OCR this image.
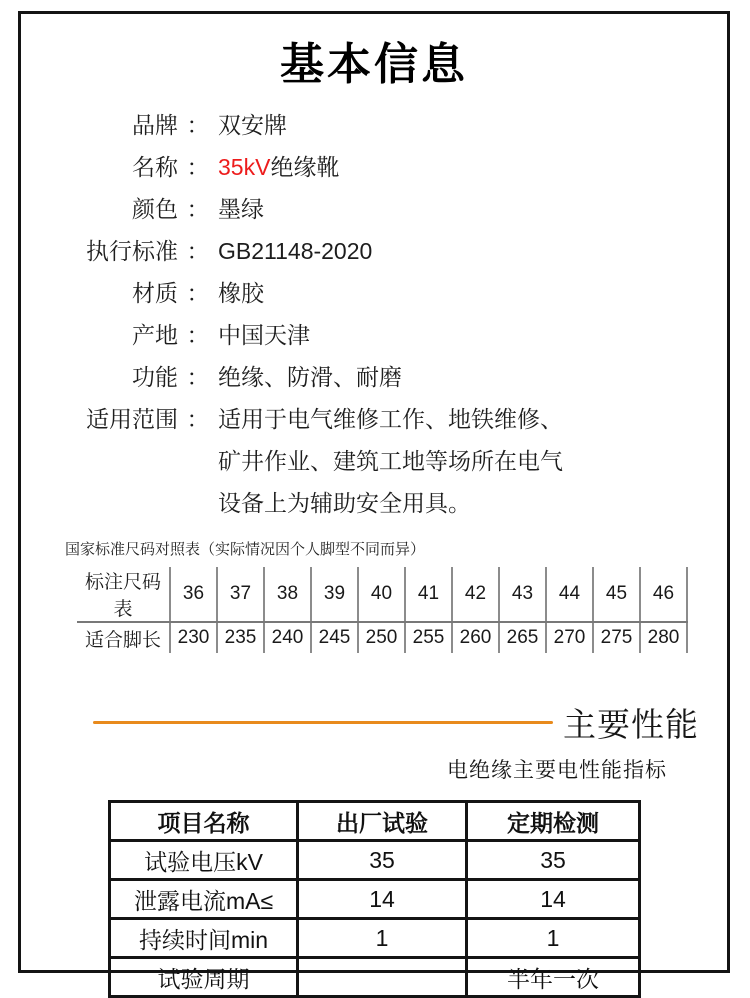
基本信息
品牌 ： 双安牌
名称 ： 35kV绝缘靴
颜色 ： 墨绿
执行标准 ： GB21148-2020
材质 ： 橡胶
产地 ： 中国天津
功能 ： 绝缘、防滑、耐磨
适用范围 ： 适用于电气维修工作、地铁维修、
矿井作业、建筑工地等场所在电气
设备上为辅助安全用具。
国家标准尺码对照表（实际情况因个人脚型不同而异）
标注尺码表	36	37	38	39	40	41	42	43	44	45	46
适合脚长	230	235	240	245	250	255	260	265	270	275	280
主要性能
电绝缘主要电性能指标
项目名称	出厂试验	定期检测
试验电压kV	35	35
泄露电流mA≤	14	14
持续时间min	1	1
试验周期		半年一次
